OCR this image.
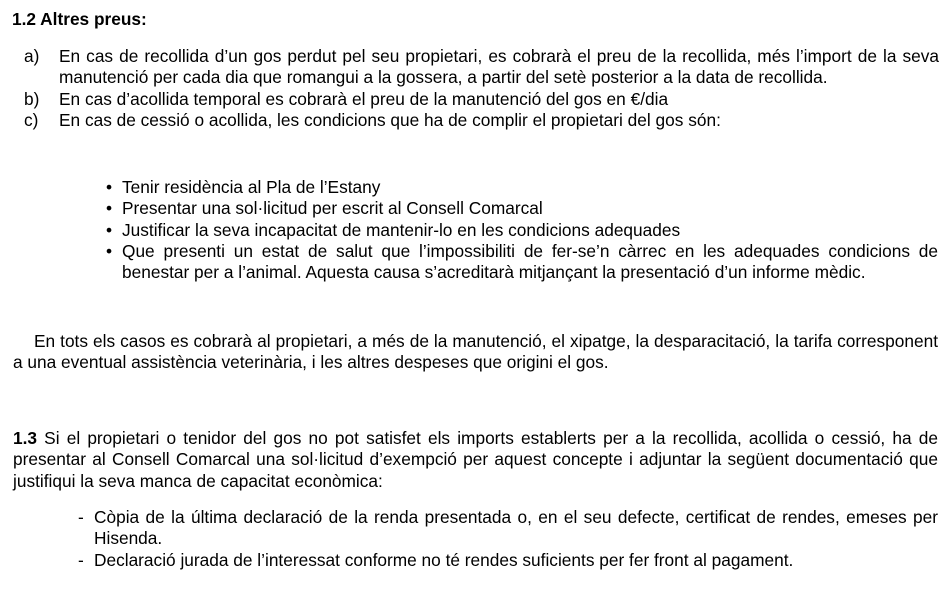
1.2 Altres preus:
a) En cas de recollida d’un gos perdut pel seu propietari, es cobrarà el preu de la recollida, més l’import de la seva manutenció per cada dia que romangui a la gossera, a partir del setè posterior a la data de recollida.
b) En cas d’acollida temporal es cobrarà el preu de la manutenció del gos en €/dia
c) En cas de cessió o acollida, les condicions que ha de complir el propietari del gos són:
• Tenir residència al Pla de l’Estany
• Presentar una sol·licitud per escrit al Consell Comarcal
• Justificar la seva incapacitat de mantenir-lo en les condicions adequades
• Que presenti un estat de salut que l’impossibiliti de fer-se’n càrrec en les adequades condicions de benestar per a l’animal. Aquesta causa s’acreditarà mitjançant la presentació d’un informe mèdic.
En tots els casos es cobrarà al propietari, a més de la manutenció, el xipatge, la desparacitació, la tarifa corresponent a una eventual assistència veterinària, i les altres despeses que origini el gos.
1.3 Si el propietari o tenidor del gos no pot satisfet els imports establerts per a la recollida, acollida o cessió, ha de presentar al Consell Comarcal una sol·licitud d’exempció per aquest concepte i adjuntar la següent documentació que justifiqui la seva manca de capacitat econòmica:
- Còpia de la última declaració de la renda presentada o, en el seu defecte, certificat de rendes, emeses per Hisenda.
- Declaració jurada de l’interessat conforme no té rendes suficients per fer front al pagament.
